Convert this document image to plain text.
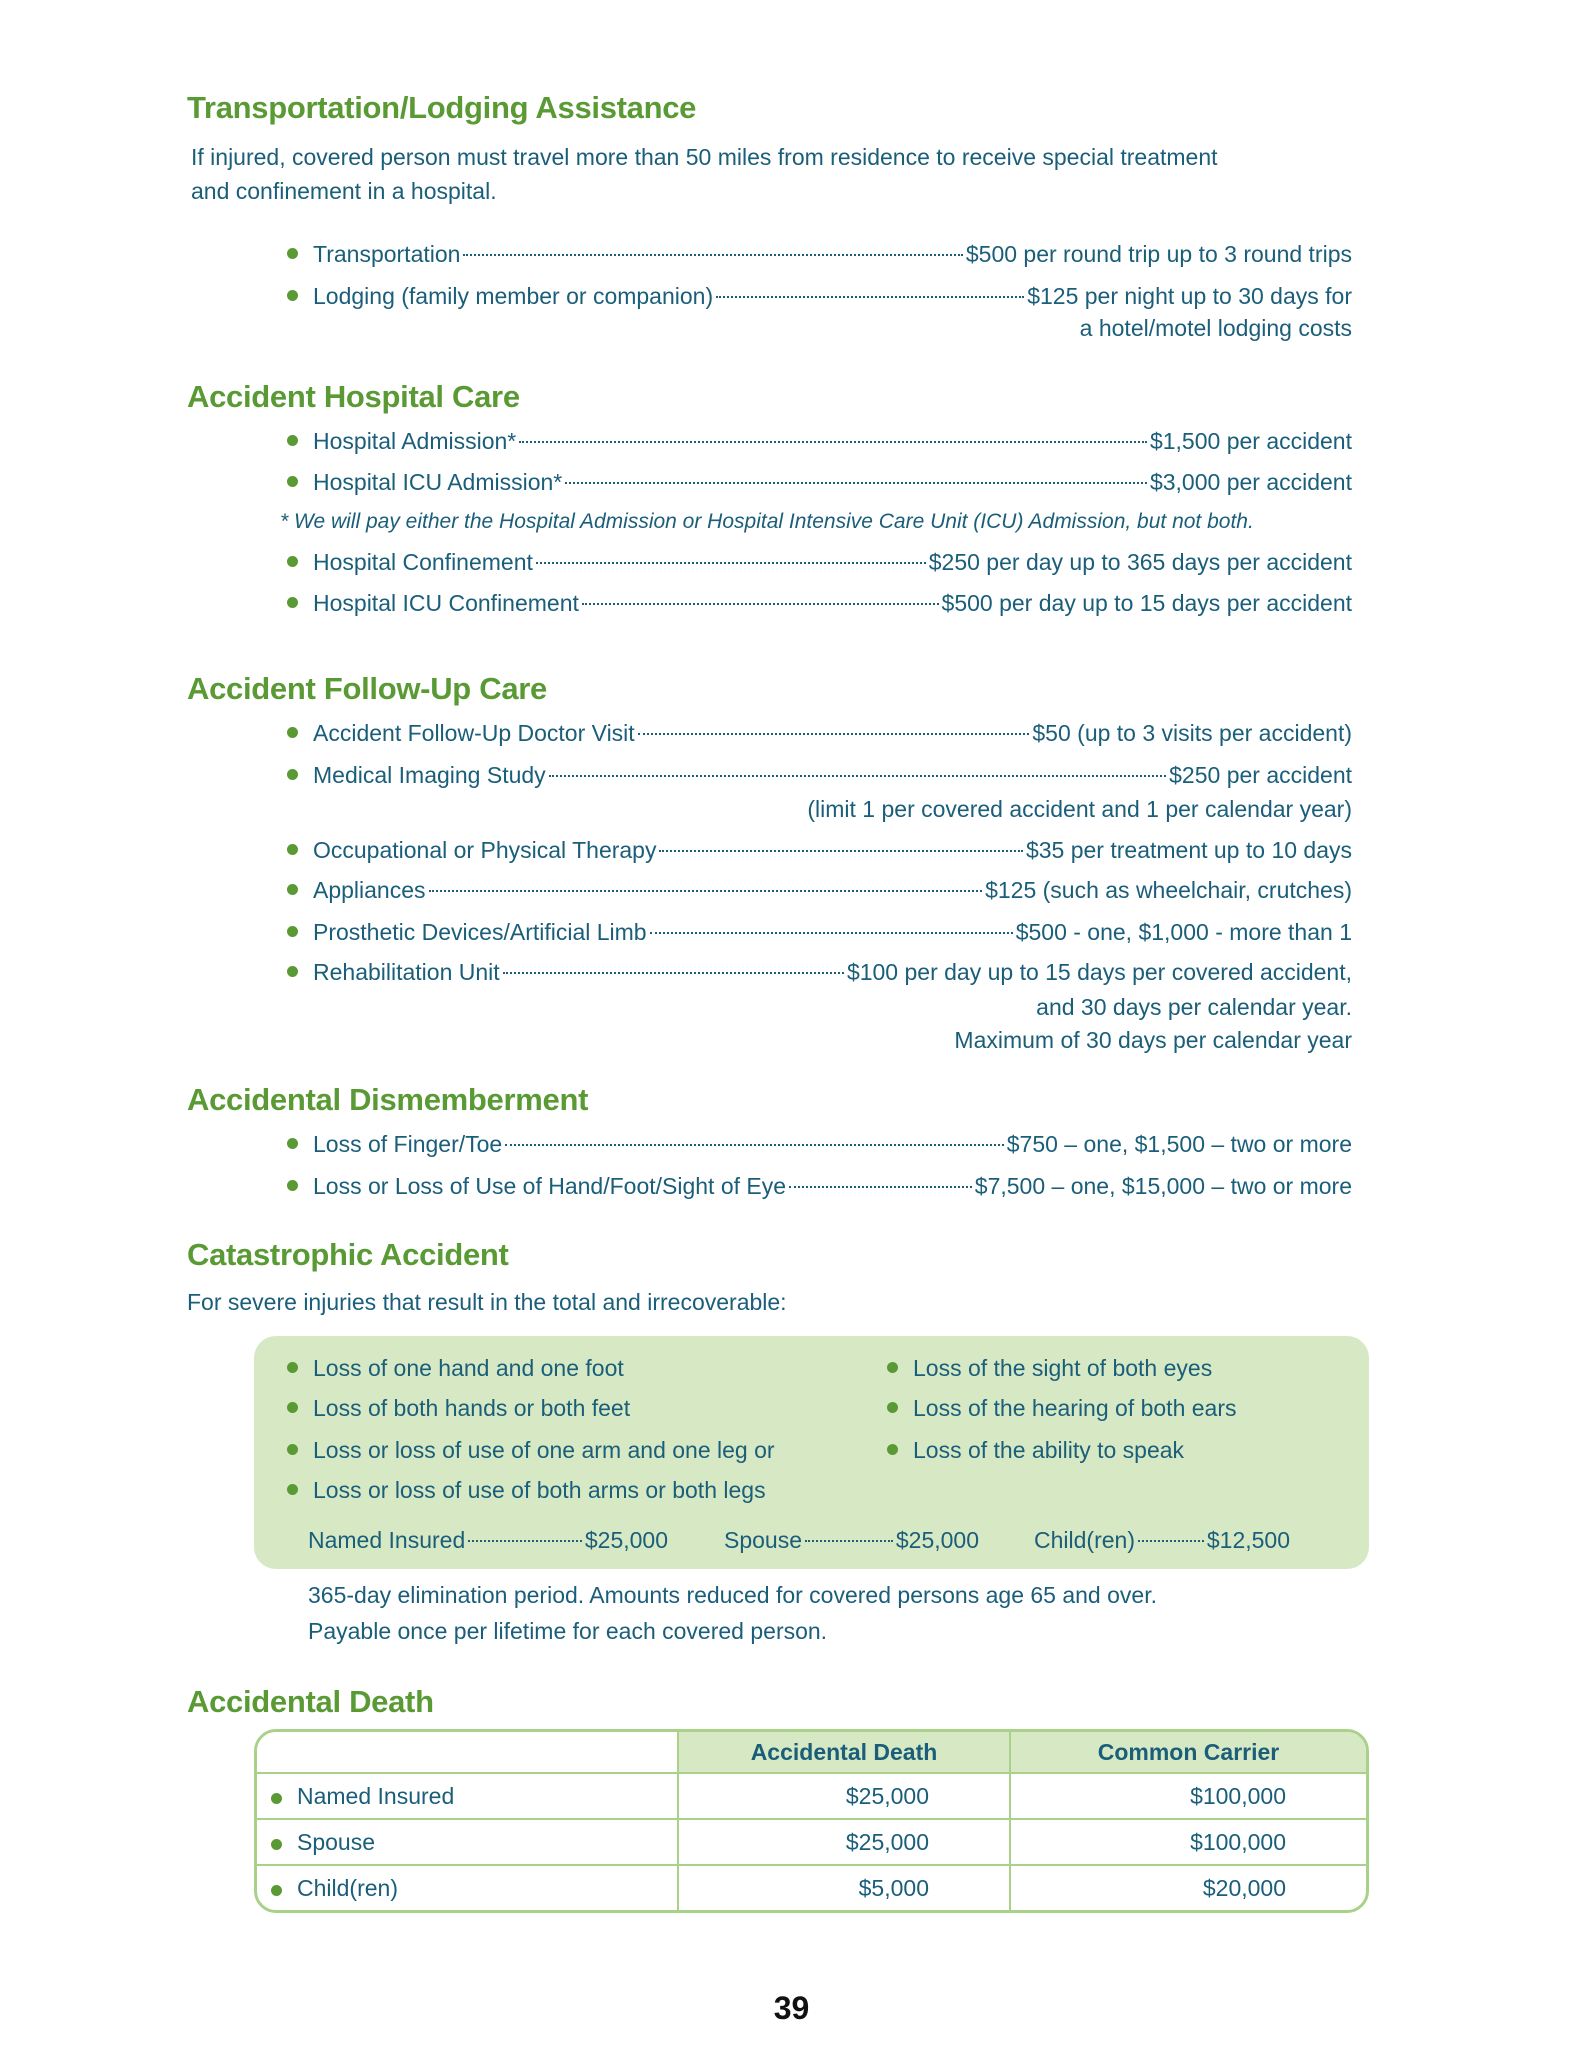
Transportation/Lodging Assistance
If injured, covered person must travel more than 50 miles from residence to receive special treatment
and confinement in a hospital.
Transportation	$500 per round trip up to 3 round trips
Lodging (family member or companion)	$125 per night up to 30 days for
a hotel/motel lodging costs
Accident Hospital Care
Hospital Admission*	$1,500 per accident
Hospital ICU Admission*	$3,000 per accident
* We will pay either the Hospital Admission or Hospital Intensive Care Unit (ICU) Admission, but not both.
Hospital Confinement	$250 per day up to 365 days per accident
Hospital ICU Confinement	$500 per day up to 15 days per accident
Accident Follow-Up Care
Accident Follow-Up Doctor Visit	$50 (up to 3 visits per accident)
Medical Imaging Study	$250 per accident
(limit 1 per covered accident and 1 per calendar year)
Occupational or Physical Therapy	$35 per treatment up to 10 days
Appliances	$125 (such as wheelchair, crutches)
Prosthetic Devices/Artificial Limb	$500 - one, $1,000 - more than 1
Rehabilitation Unit	$100 per day up to 15 days per covered accident,
and 30 days per calendar year.
Maximum of 30 days per calendar year
Accidental Dismemberment
Loss of Finger/Toe	$750 – one, $1,500 – two or more
Loss or Loss of Use of Hand/Foot/Sight of Eye	$7,500 – one, $15,000 – two or more
Catastrophic Accident
For severe injuries that result in the total and irrecoverable:
Loss of one hand and one foot
Loss of both hands or both feet
Loss or loss of use of one arm and one leg or
Loss or loss of use of both arms or both legs
Loss of the sight of both eyes
Loss of the hearing of both ears
Loss of the ability to speak
Named Insured	$25,000 Spouse	$25,000 Child(ren)	$12,500
365-day elimination period. Amounts reduced for covered persons age 65 and over.
Payable once per lifetime for each covered person.
Accidental Death
	Accidental Death	Common Carrier
Named Insured	$25,000	$100,000
Spouse	$25,000	$100,000
Child(ren)	$5,000	$20,000
39
